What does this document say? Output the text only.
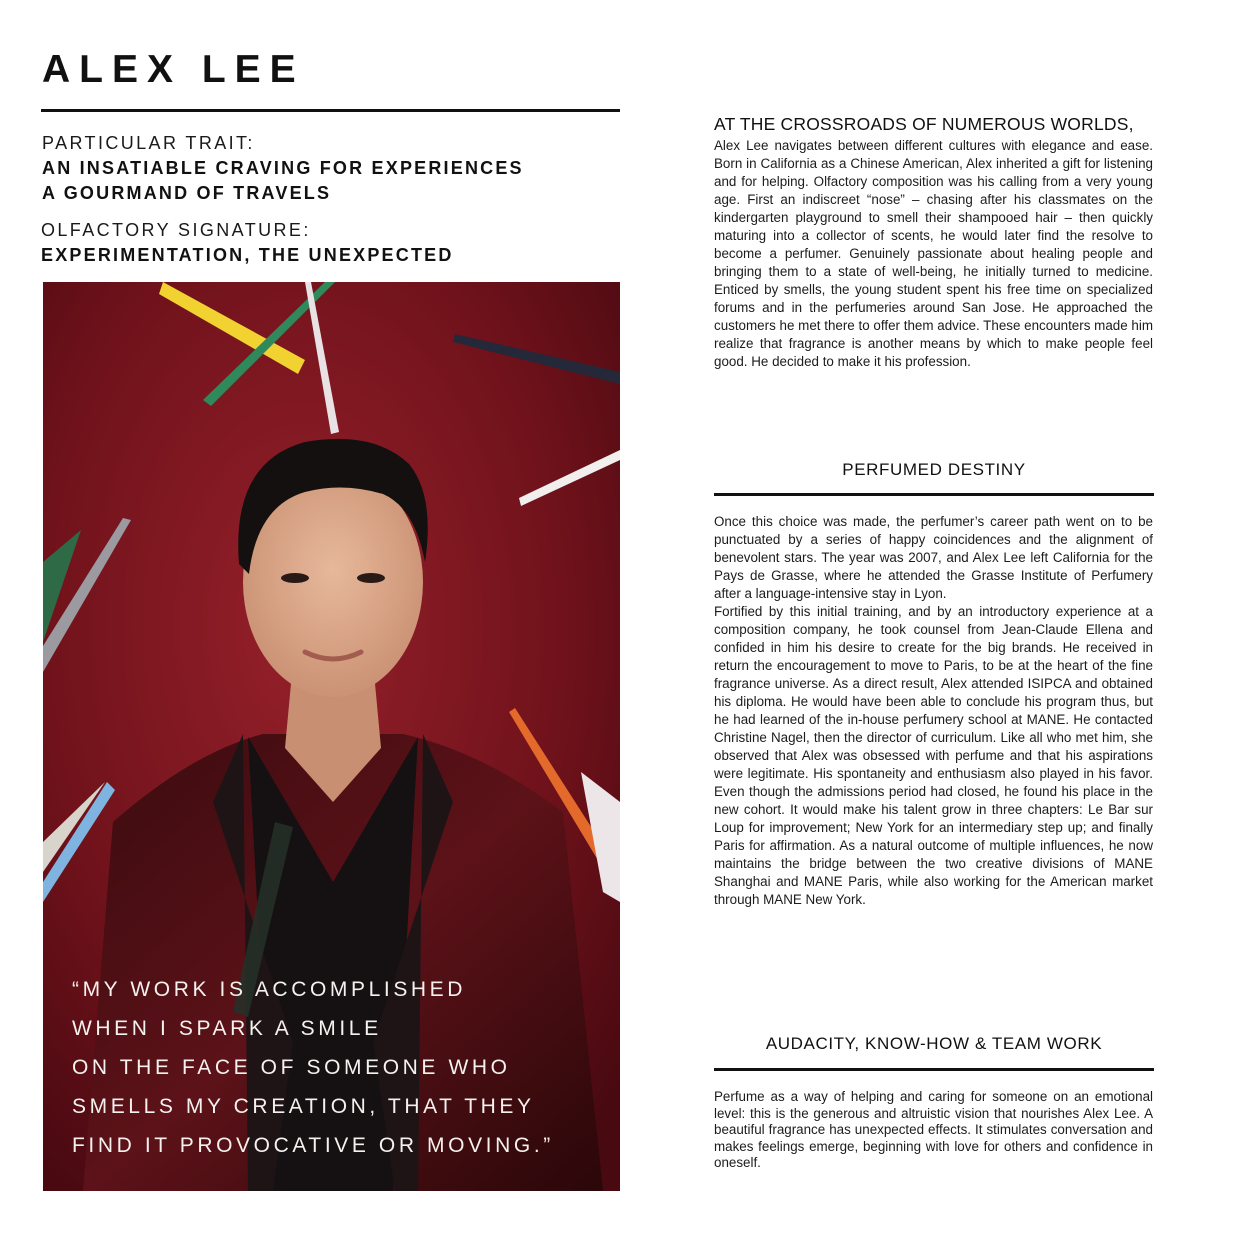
ALEX LEE
PARTICULAR TRAIT:

AN INSATIABLE CRAVING FOR EXPERIENCES

A GOURMAND OF TRAVELS

OLFACTORY SIGNATURE:

EXPERIMENTATION, THE UNEXPECTED

“MY WORK IS ACCOMPLISHED
WHEN I SPARK A SMILE
ON THE FACE OF SOMEONE WHO
SMELLS MY CREATION, THAT THEY
FIND IT PROVOCATIVE OR MOVING.”
AT THE CROSSROADS OF NUMEROUS WORLDS,

Alex Lee navigates between different cultures with elegance and ease. Born in California as a Chinese American, Alex inherited a gift for listening and for helping. Olfactory composition was his calling from a very young age. First an indiscreet “nose” – chasing after his classmates on the kindergarten playground to smell their shampooed hair – then quickly maturing into a collector of scents, he would later find the resolve to become a perfumer. Genuinely passionate about healing people and bringing them to a state of well-being, he initially turned to medicine. Enticed by smells, the young student spent his free time on specialized forums and in the perfumeries around San Jose. He approached the customers he met there to offer them advice. These encounters made him realize that fragrance is another means by which to make people feel good. He decided to make it his profession.

PERFUMED DESTINY

Once this choice was made, the perfumer’s career path went on to be punctuated by a series of happy coincidences and the alignment of benevolent stars. The year was 2007, and Alex Lee left California for the Pays de Grasse, where he attended the Grasse Institute of Perfumery after a language-intensive stay in Lyon.

Fortified by this initial training, and by an introductory experience at a composition company, he took counsel from Jean-Claude Ellena and confided in him his desire to create for the big brands. He received in return the encouragement to move to Paris, to be at the heart of the fine fragrance universe. As a direct result, Alex attended ISIPCA and obtained his diploma. He would have been able to conclude his program thus, but he had learned of the in-house perfumery school at MANE. He contacted Christine Nagel, then the director of curriculum. Like all who met him, she observed that Alex was obsessed with perfume and that his aspirations were legitimate. His spontaneity and enthusiasm also played in his favor. Even though the admissions period had closed, he found his place in the new cohort. It would make his talent grow in three chapters: Le Bar sur Loup for improvement; New York for an intermediary step up; and finally Paris for affirmation. As a natural outcome of multiple influences, he now maintains the bridge between the two creative divisions of MANE Shanghai and MANE Paris, while also working for the American market through MANE New York.

AUDACITY, KNOW-HOW & TEAM WORK

Perfume as a way of helping and caring for someone on an emotional level: this is the generous and altruistic vision that nourishes Alex Lee. A beautiful fragrance has unexpected effects. It stimulates conversation and makes feelings emerge, beginning with love for others and confidence in oneself.
